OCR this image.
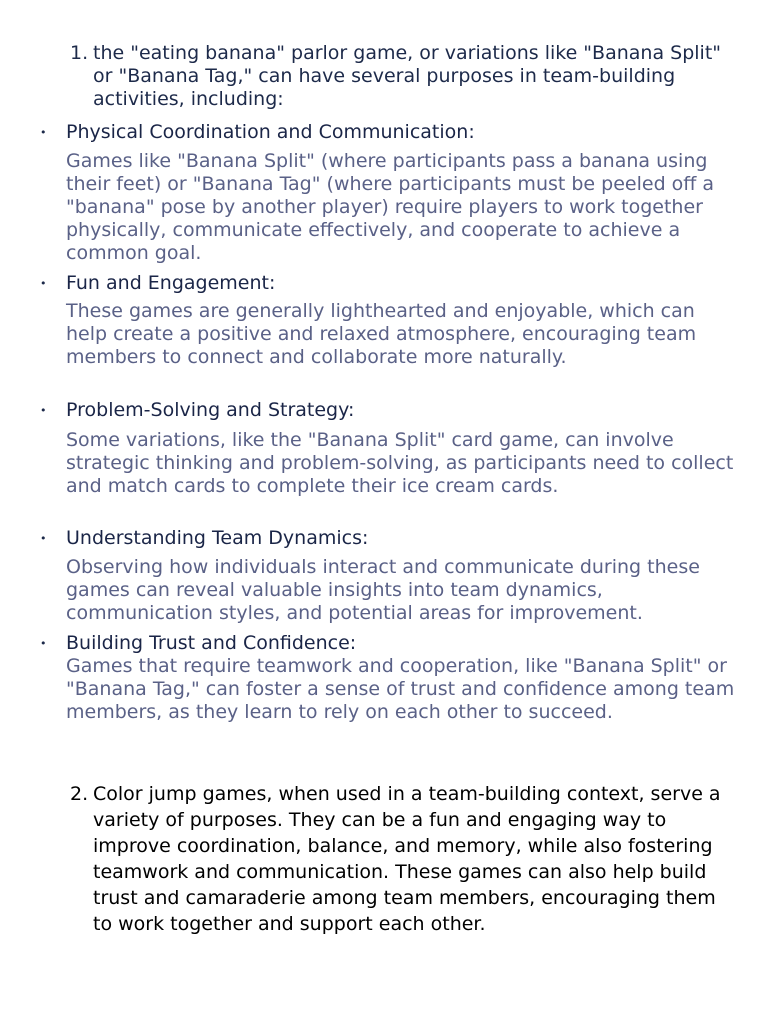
1. the "eating banana" parlor game, or variations like "Banana Split" or "Banana Tag," can have several purposes in team-building activities, including:

• Physical Coordination and Communication:

Games like "Banana Split" (where participants pass a banana using their feet) or "Banana Tag" (where participants must be peeled off a "banana" pose by another player) require players to work together physically, communicate effectively, and cooperate to achieve a common goal.

• Fun and Engagement:

These games are generally lighthearted and enjoyable, which can help create a positive and relaxed atmosphere, encouraging team members to connect and collaborate more naturally.

• Problem-Solving and Strategy:

Some variations, like the "Banana Split" card game, can involve strategic thinking and problem-solving, as participants need to collect and match cards to complete their ice cream cards.

• Understanding Team Dynamics:

Observing how individuals interact and communicate during these games can reveal valuable insights into team dynamics, communication styles, and potential areas for improvement.

• Building Trust and Confidence:

Games that require teamwork and cooperation, like "Banana Split" or "Banana Tag," can foster a sense of trust and confidence among team members, as they learn to rely on each other to succeed.

2. Color jump games, when used in a team-building context, serve a variety of purposes. They can be a fun and engaging way to improve coordination, balance, and memory, while also fostering teamwork and communication. These games can also help build trust and camaraderie among team members, encouraging them to work together and support each other.
